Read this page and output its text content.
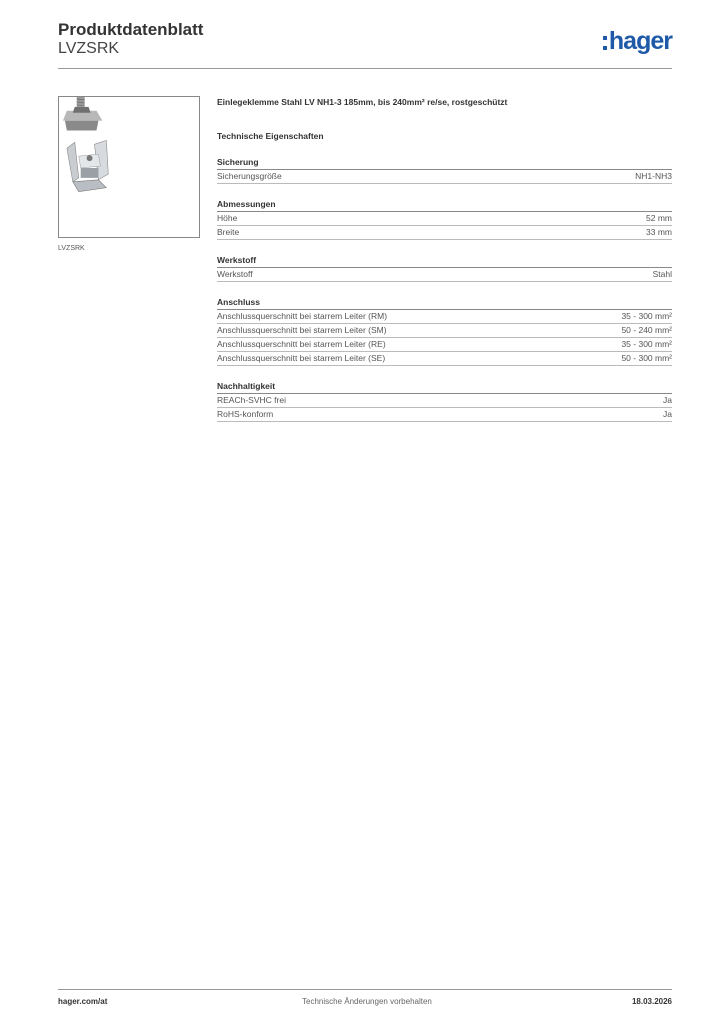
Produktdatenblatt
LVZSRK	hager
LVZSRK
Einlegeklemme Stahl LV NH1-3 185mm, bis 240mm² re/se, rostgeschützt
Technische Eigenschaften
Sicherung
Sicherungsgröße	NH1-NH3
Abmessungen
Höhe	52 mm
Breite	33 mm
Werkstoff
Werkstoff	Stahl
Anschluss
Anschlussquerschnitt bei starrem Leiter (RM)	35 - 300 mm²
Anschlussquerschnitt bei starrem Leiter (SM)	50 - 240 mm²
Anschlussquerschnitt bei starrem Leiter (RE)	35 - 300 mm²
Anschlussquerschnitt bei starrem Leiter (SE)	50 - 300 mm²
Nachhaltigkeit
REACh-SVHC frei	Ja
RoHS-konform	Ja
hager.com/at	Technische Änderungen vorbehalten	18.03.2026
